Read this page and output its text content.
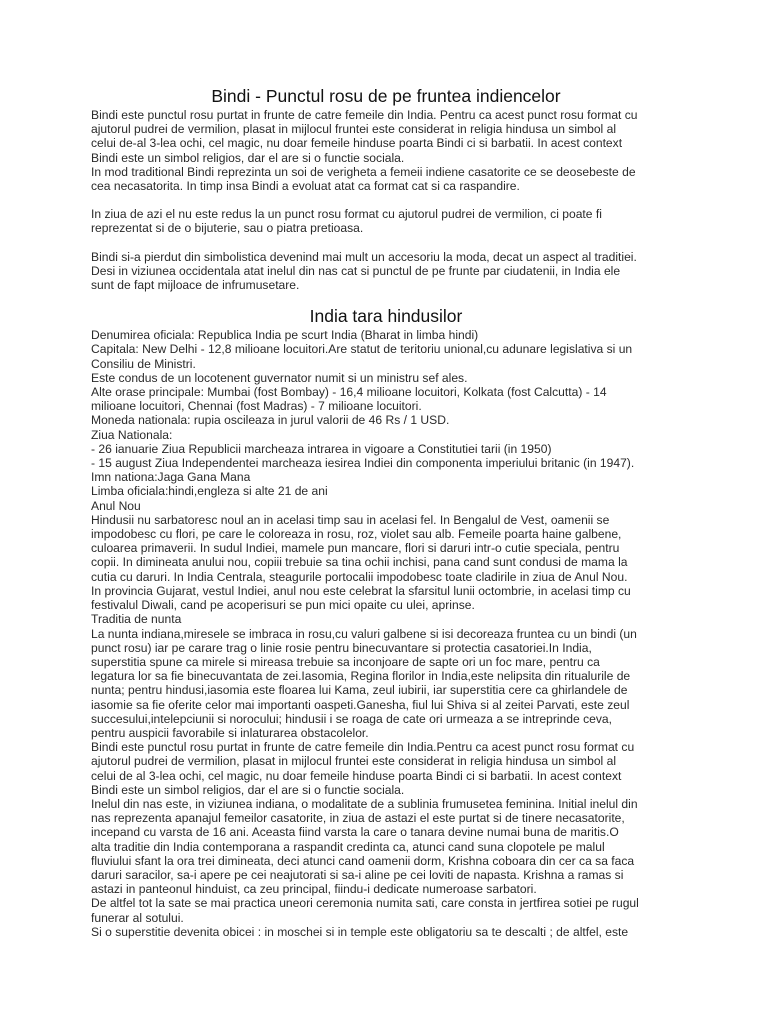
Bindi - Punctul rosu de pe fruntea indiencelor

Bindi este punctul rosu purtat in frunte de catre femeile din India. Pentru ca acest punct rosu format cu
ajutorul pudrei de vermilion, plasat in mijlocul fruntei este considerat in religia hindusa un simbol al
celui de-al 3-lea ochi, cel magic, nu doar femeile hinduse poarta Bindi ci si barbatii. In acest context
Bindi este un simbol religios, dar el are si o functie sociala.
In mod traditional Bindi reprezinta un soi de verigheta a femeii indiene casatorite ce se deosebeste de
cea necasatorita. In timp insa Bindi a evoluat atat ca format cat si ca raspandire.

In ziua de azi el nu este redus la un punct rosu format cu ajutorul pudrei de vermilion, ci poate fi
reprezentat si de o bijuterie, sau o piatra pretioasa.

Bindi si-a pierdut din simbolistica devenind mai mult un accesoriu la moda, decat un aspect al traditiei.
Desi in viziunea occidentala atat inelul din nas cat si punctul de pe frunte par ciudatenii, in India ele
sunt de fapt mijloace de infrumusetare.

India tara hindusilor

Denumirea oficiala: Republica India pe scurt India (Bharat in limba hindi)
Capitala: New Delhi - 12,8 milioane locuitori.Are statut de teritoriu unional,cu adunare legislativa si un
Consiliu de Ministri.
Este condus de un locotenent guvernator numit si un ministru sef ales.
Alte orase principale: Mumbai (fost Bombay) - 16,4 milioane locuitori, Kolkata (fost Calcutta) - 14
milioane locuitori, Chennai (fost Madras) - 7 milioane locuitori.
Moneda nationala: rupia oscileaza in jurul valorii de 46 Rs / 1 USD.
Ziua Nationala:
- 26 ianuarie Ziua Republicii marcheaza intrarea in vigoare a Constitutiei tarii (in 1950)
- 15 august Ziua Independentei marcheaza iesirea Indiei din componenta imperiului britanic (in 1947).
Imn nationa:Jaga Gana Mana
Limba oficiala:hindi,engleza si alte 21 de ani
Anul Nou
Hindusii nu sarbatoresc noul an in acelasi timp sau in acelasi fel. In Bengalul de Vest, oamenii se
impodobesc cu flori, pe care le coloreaza in rosu, roz, violet sau alb. Femeile poarta haine galbene,
culoarea primaverii. In sudul Indiei, mamele pun mancare, flori si daruri intr-o cutie speciala, pentru
copii. In dimineata anului nou, copiii trebuie sa tina ochii inchisi, pana cand sunt condusi de mama la
cutia cu daruri. In India Centrala, steagurile portocalii impodobesc toate cladirile in ziua de Anul Nou.
In provincia Gujarat, vestul Indiei, anul nou este celebrat la sfarsitul lunii octombrie, in acelasi timp cu
festivalul Diwali, cand pe acoperisuri se pun mici opaite cu ulei, aprinse.
Traditia de nunta
La nunta indiana,miresele se imbraca in rosu,cu valuri galbene si isi decoreaza fruntea cu un bindi (un
punct rosu) iar pe carare trag o linie rosie pentru binecuvantare si protectia casatoriei.In India,
superstitia spune ca mirele si mireasa trebuie sa inconjoare de sapte ori un foc mare, pentru ca
legatura lor sa fie binecuvantata de zei.Iasomia, Regina florilor in India,este nelipsita din ritualurile de
nunta; pentru hindusi,iasomia este floarea lui Kama, zeul iubirii, iar superstitia cere ca ghirlandele de
iasomie sa fie oferite celor mai importanti oaspeti.Ganesha, fiul lui Shiva si al zeitei Parvati, este zeul
succesului,intelepciunii si norocului; hindusii i se roaga de cate ori urmeaza a se intreprinde ceva,
pentru auspicii favorabile si inlaturarea obstacolelor.
Bindi este punctul rosu purtat in frunte de catre femeile din India.Pentru ca acest punct rosu format cu
ajutorul pudrei de vermilion, plasat in mijlocul fruntei este considerat in religia hindusa un simbol al
celui de al 3-lea ochi, cel magic, nu doar femeile hinduse poarta Bindi ci si barbatii. In acest context
Bindi este un simbol religios, dar el are si o functie sociala.
Inelul din nas este, in viziunea indiana, o modalitate de a sublinia frumusetea feminina. Initial inelul din
nas reprezenta apanajul femeilor casatorite, in ziua de astazi el este purtat si de tinere necasatorite,
incepand cu varsta de 16 ani. Aceasta fiind varsta la care o tanara devine numai buna de maritis.O
alta traditie din India contemporana a raspandit credinta ca, atunci cand suna clopotele pe malul
fluviului sfant la ora trei dimineata, deci atunci cand oamenii dorm, Krishna coboara din cer ca sa faca
daruri saracilor, sa-i apere pe cei neajutorati si sa-i aline pe cei loviti de napasta. Krishna a ramas si
astazi in panteonul hinduist, ca zeu principal, fiindu-i dedicate numeroase sarbatori.
De altfel tot la sate se mai practica uneori ceremonia numita sati, care consta in jertfirea sotiei pe rugul
funerar al sotului.
Si o superstitie devenita obicei : in moschei si in temple este obligatoriu sa te descalti ; de altfel, este
